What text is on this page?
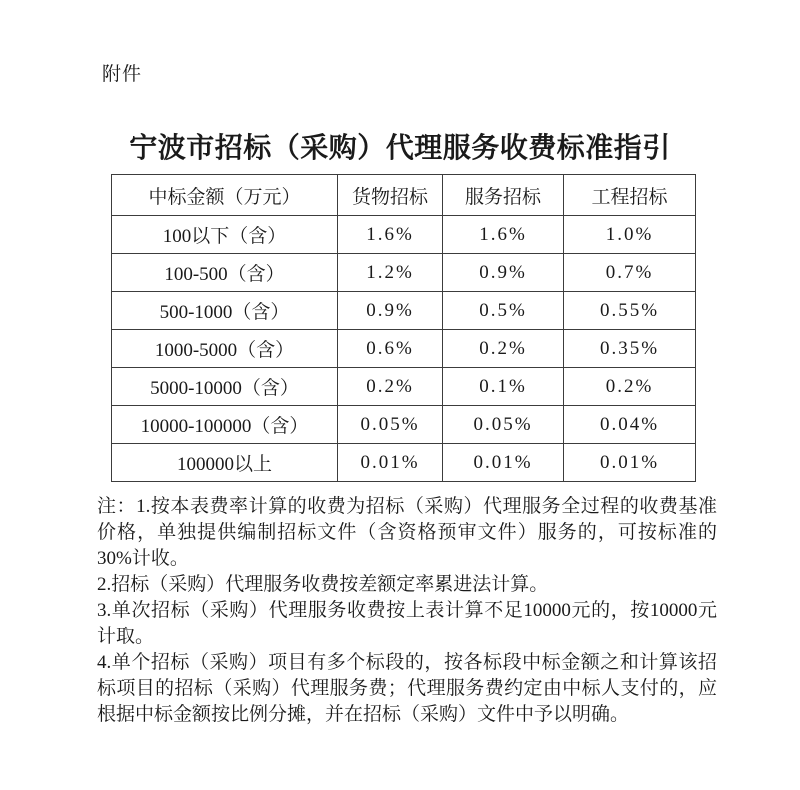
附件
宁波市招标（采购）代理服务收费标准指引
中标金额（万元）	货物招标	服务招标	工程招标
100以下（含）	1.6%	1.6%	1.0%
100-500（含）	1.2%	0.9%	0.7%
500-1000（含）	0.9%	0.5%	0.55%
1000-5000（含）	0.6%	0.2%	0.35%
5000-10000（含）	0.2%	0.1%	0.2%
10000-100000（含）	0.05%	0.05%	0.04%
100000以上	0.01%	0.01%	0.01%

注：1.按本表费率计算的收费为招标（采购）代理服务全过程的收费基准价格，单独提供编制招标文件（含资格预审文件）服务的，可按标准的30%计收。

2.招标（采购）代理服务收费按差额定率累进法计算。

3.单次招标（采购）代理服务收费按上表计算不足10000元的，按10000元计取。

4.单个招标（采购）项目有多个标段的，按各标段中标金额之和计算该招标项目的招标（采购）代理服务费；代理服务费约定由中标人支付的，应根据中标金额按比例分摊，并在招标（采购）文件中予以明确。
